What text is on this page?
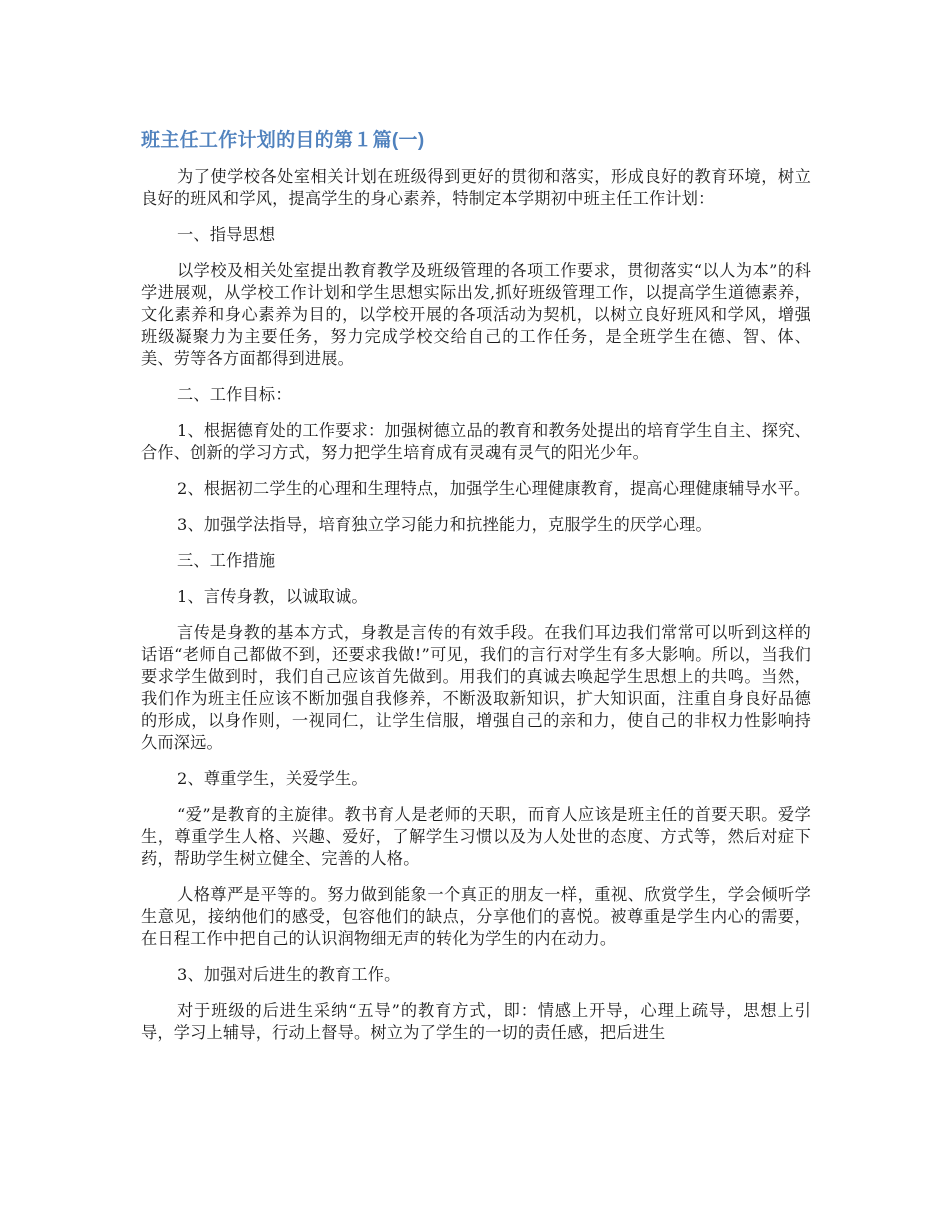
班主任工作计划的目的第１篇(一)

为了使学校各处室相关计划在班级得到更好的贯彻和落实，形成良好的教育环境，树立良好的班风和学风，提高学生的身心素养，特制定本学期初中班主任工作计划：

一、指导思想

以学校及相关处室提出教育教学及班级管理的各项工作要求，贯彻落实“以人为本”的科学进展观，从学校工作计划和学生思想实际出发,抓好班级管理工作，以提高学生道德素养，文化素养和身心素养为目的，以学校开展的各项活动为契机，以树立良好班风和学风，增强班级凝聚力为主要任务，努力完成学校交给自己的工作任务，是全班学生在德、智、体、美、劳等各方面都得到进展。

二、工作目标：

1、根据德育处的工作要求：加强树德立品的教育和教务处提出的培育学生自主、探究、合作、创新的学习方式，努力把学生培育成有灵魂有灵气的阳光少年。

2、根据初二学生的心理和生理特点，加强学生心理健康教育，提高心理健康辅导水平。

3、加强学法指导，培育独立学习能力和抗挫能力，克服学生的厌学心理。

三、工作措施

1、言传身教，以诚取诚。

言传是身教的基本方式，身教是言传的有效手段。在我们耳边我们常常可以听到这样的话语“老师自己都做不到，还要求我做!”可见，我们的言行对学生有多大影响。所以，当我们要求学生做到时，我们自己应该首先做到。用我们的真诚去唤起学生思想上的共鸣。当然，我们作为班主任应该不断加强自我修养，不断汲取新知识，扩大知识面，注重自身良好品德的形成，以身作则，一视同仁，让学生信服，增强自己的亲和力，使自己的非权力性影响持久而深远。

2、尊重学生，关爱学生。

“爱”是教育的主旋律。教书育人是老师的天职，而育人应该是班主任的首要天职。爱学生，尊重学生人格、兴趣、爱好，了解学生习惯以及为人处世的态度、方式等，然后对症下药，帮助学生树立健全、完善的人格。

人格尊严是平等的。努力做到能象一个真正的朋友一样，重视、欣赏学生，学会倾听学生意见，接纳他们的感受，包容他们的缺点，分享他们的喜悦。被尊重是学生内心的需要，在日程工作中把自己的认识润物细无声的转化为学生的内在动力。

3、加强对后进生的教育工作。

对于班级的后进生采纳“五导”的教育方式，即：情感上开导，心理上疏导，思想上引导，学习上辅导，行动上督导。树立为了学生的一切的责任感，把后进生
